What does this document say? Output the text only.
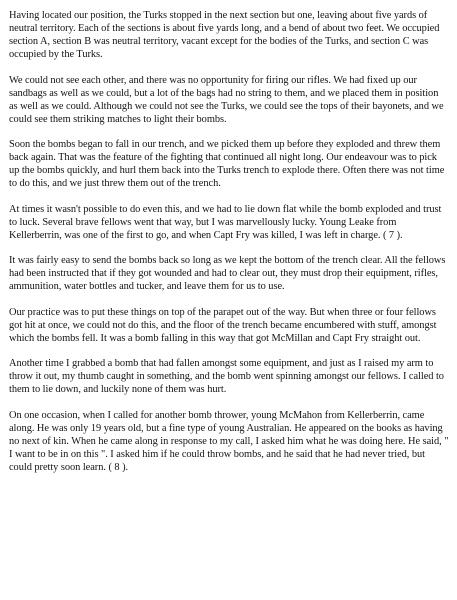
Having located our position, the Turks stopped in the next section but one, leaving about five yards of neutral territory. Each of the sections is about five yards long, and a bend of about two feet. We occupied section A, section B was neutral territory, vacant except for the bodies of the Turks, and section C was occupied by the Turks.

We could not see each other, and there was no opportunity for firing our rifles. We had fixed up our sandbags as well as we could, but a lot of the bags had no string to them, and we placed them in position as well as we could. Although we could not see the Turks, we could see the tops of their bayonets, and we could see them striking matches to light their bombs.

Soon the bombs began to fall in our trench, and we picked them up before they exploded and threw them back again. That was the feature of the fighting that continued all night long. Our endeavour was to pick up the bombs quickly, and hurl them back into the Turks trench to explode there. Often there was not time to do this, and we just threw them out of the trench.

At times it wasn't possible to do even this, and we had to lie down flat while the bomb exploded and trust to luck. Several brave fellows went that way, but I was marvellously lucky. Young Leake from Kellerberrin, was one of the first to go, and when Capt Fry was killed, I was left in charge. ( 7 ).

It was fairly easy to send the bombs back so long as we kept the bottom of the trench clear. All the fellows had been instructed that if they got wounded and had to clear out, they must drop their equipment, rifles, ammunition, water bottles and tucker, and leave them for us to use.

Our practice was to put these things on top of the parapet out of the way. But when three or four fellows got hit at once, we could not do this, and the floor of the trench became encumbered with stuff, amongst which the bombs fell. It was a bomb falling in this way that got McMillan and Capt Fry straight out.

Another time I grabbed a bomb that had fallen amongst some equipment, and just as I raised my arm to throw it out, my thumb caught in something, and the bomb went spinning amongst our fellows. I called to them to lie down, and luckily none of them was hurt.

On one occasion, when I called for another bomb thrower, young McMahon from Kellerberrin, came along. He was only 19 years old, but a fine type of young Australian. He appeared on the books as having no next of kin. When he came along in response to my call, I asked him what he was doing here. He said, " I want to be in on this ". I asked him if he could throw bombs, and he said that he had never tried, but could pretty soon learn. ( 8 ).
